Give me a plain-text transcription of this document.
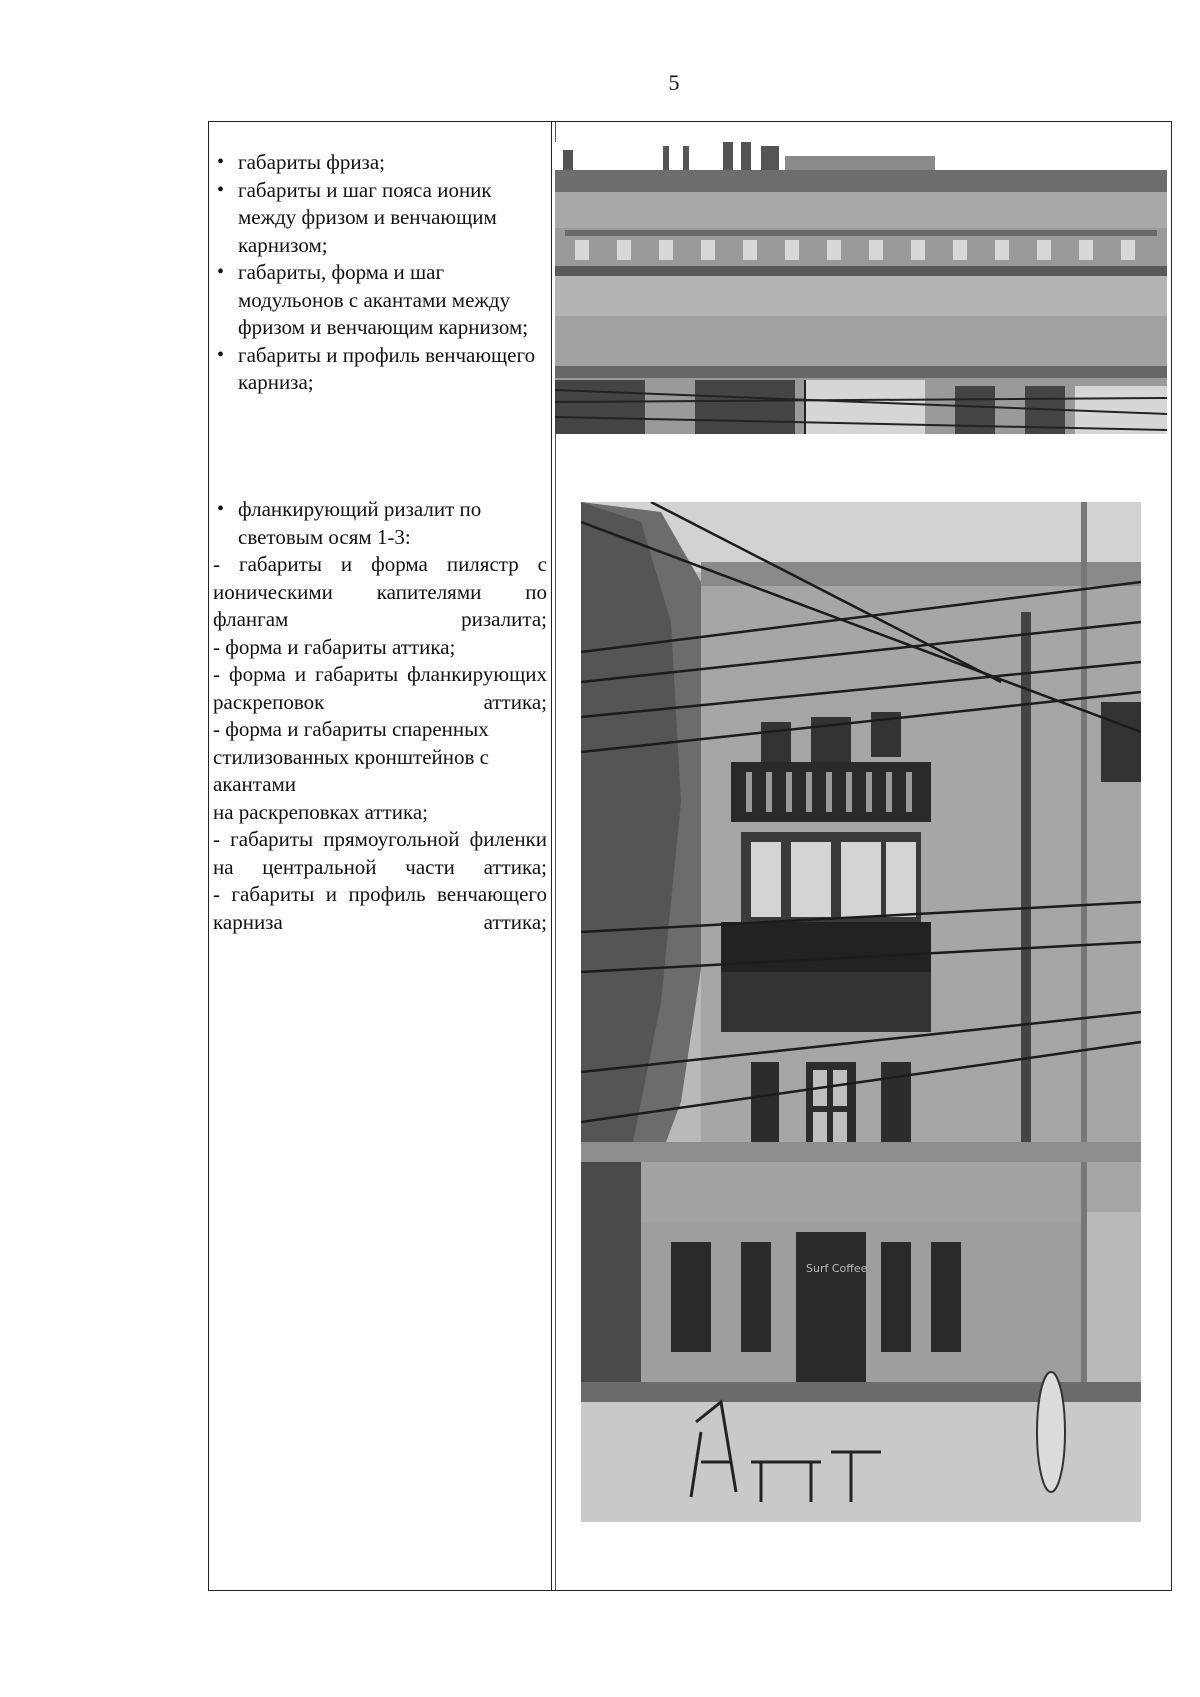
5
• габариты фриза;
• габариты и шаг пояса ионик между фризом и венчающим карнизом;
• габариты, форма и шаг модульонов с акантами между фризом и венчающим карнизом;
• габариты и профиль венчающего карниза;
• фланкирующий ризалит по световым осям 1-3:
- габариты и форма пилястр с ионическими капителями по флангам ризалита;
- форма и габариты аттика;
- форма и габариты фланкирующих раскреповок аттика;
- форма и габариты спаренных стилизованных кронштейнов с акантами
на раскреповках аттика;
- габариты прямоугольной филенки на центральной части аттика;
- габариты и профиль венчающего карниза аттика;
Surf Coffee
